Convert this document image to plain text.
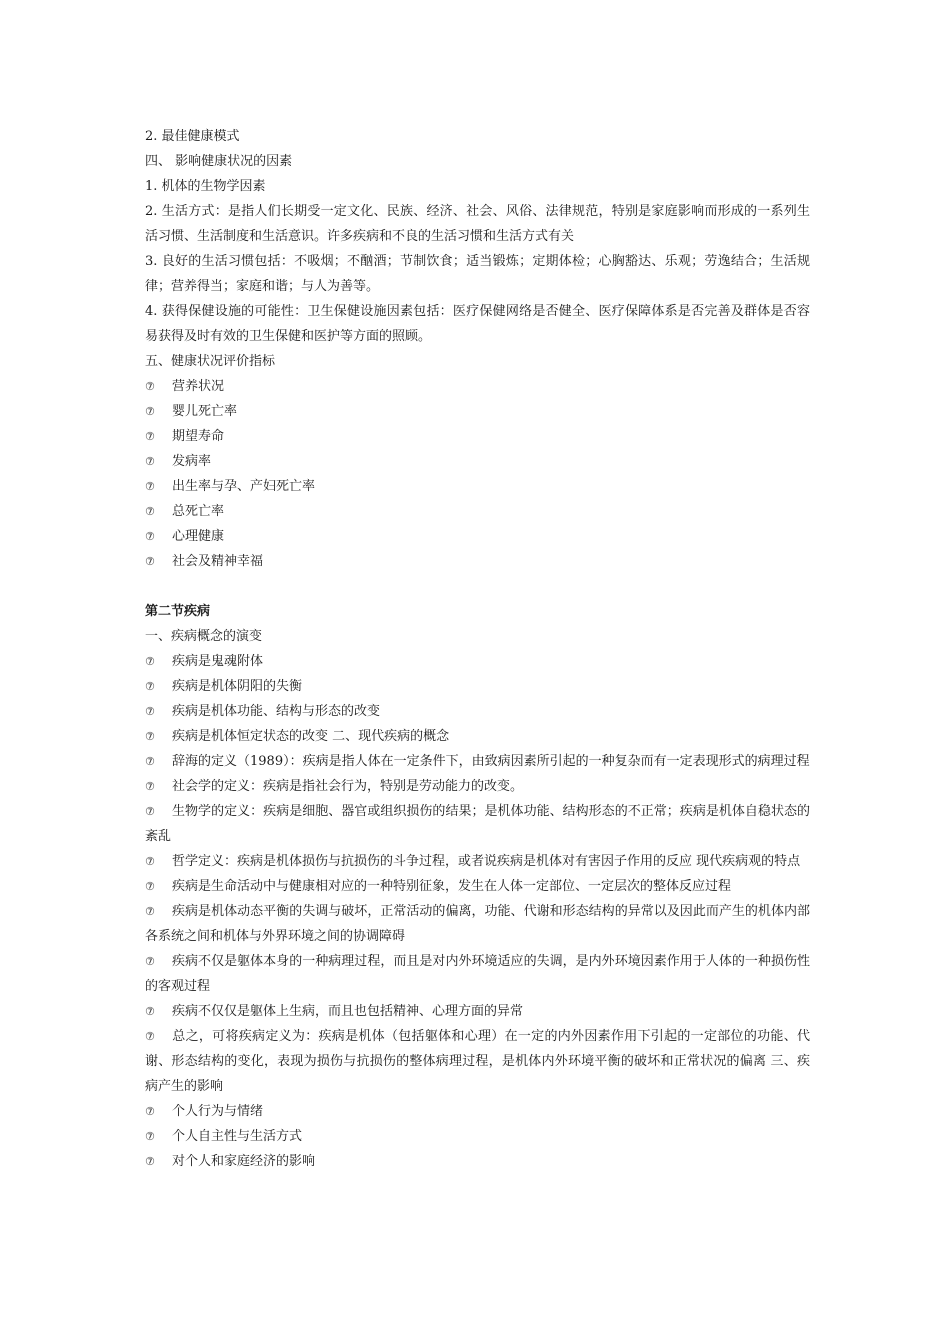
2. 最佳健康模式

四、 影响健康状况的因素

1. 机体的生物学因素

2. 生活方式：是指人们长期受一定文化、民族、经济、社会、风俗、法律规范，特别是家庭影响而形成的一系列生活习惯、生活制度和生活意识。许多疾病和不良的生活习惯和生活方式有关

3. 良好的生活习惯包括：不吸烟；不酗酒；节制饮食；适当锻炼；定期体检；心胸豁达、乐观；劳逸结合；生活规律；营养得当；家庭和谐；与人为善等。

4. 获得保健设施的可能性：卫生保健设施因素包括：医疗保健网络是否健全、医疗保障体系是否完善及群体是否容易获得及时有效的卫生保健和医护等方面的照顾。

五、健康状况评价指标

⑦ 营养状况

⑦ 婴儿死亡率

⑦ 期望寿命

⑦ 发病率

⑦ 出生率与孕、产妇死亡率

⑦ 总死亡率

⑦ 心理健康

⑦ 社会及精神幸福

第二节疾病

一、疾病概念的演变

⑦ 疾病是鬼魂附体

⑦ 疾病是机体阴阳的失衡

⑦ 疾病是机体功能、结构与形态的改变

⑦ 疾病是机体恒定状态的改变 二、现代疾病的概念

⑦ 辞海的定义（1989）：疾病是指人体在一定条件下，由致病因素所引起的一种复杂而有一定表现形式的病理过程

⑦ 社会学的定义：疾病是指社会行为，特别是劳动能力的改变。

⑦ 生物学的定义：疾病是细胞、器官或组织损伤的结果；是机体功能、结构形态的不正常；疾病是机体自稳状态的紊乱

⑦ 哲学定义：疾病是机体损伤与抗损伤的斗争过程，或者说疾病是机体对有害因子作用的反应 现代疾病观的特点

⑦ 疾病是生命活动中与健康相对应的一种特别征象，发生在人体一定部位、一定层次的整体反应过程

⑦ 疾病是机体动态平衡的失调与破坏，正常活动的偏离，功能、代谢和形态结构的异常以及因此而产生的机体内部各系统之间和机体与外界环境之间的协调障碍

⑦ 疾病不仅是躯体本身的一种病理过程，而且是对内外环境适应的失调，是内外环境因素作用于人体的一种损伤性的客观过程

⑦ 疾病不仅仅是躯体上生病，而且也包括精神、心理方面的异常

⑦ 总之，可将疾病定义为：疾病是机体（包括躯体和心理）在一定的内外因素作用下引起的一定部位的功能、代谢、形态结构的变化，表现为损伤与抗损伤的整体病理过程，是机体内外环境平衡的破坏和正常状况的偏离 三、疾病产生的影响

⑦ 个人行为与情绪

⑦ 个人自主性与生活方式

⑦ 对个人和家庭经济的影响
